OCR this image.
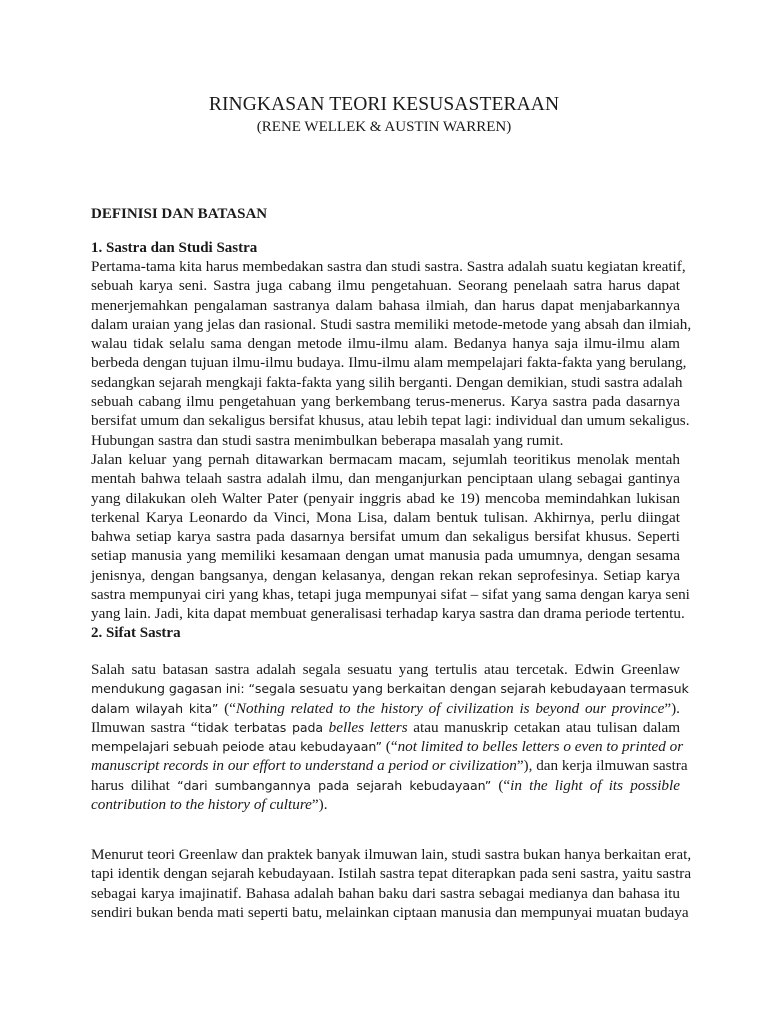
RINGKASAN TEORI KESUSASTERAAN
(RENE WELLEK & AUSTIN WARREN)
DEFINISI DAN BATASAN
1. Sastra dan Studi Sastra
Pertama-tama kita harus membedakan sastra dan studi sastra. Sastra adalah suatu kegiatan kreatif,
sebuah karya seni. Sastra juga cabang ilmu pengetahuan. Seorang penelaah satra harus dapat
menerjemahkan pengalaman sastranya dalam bahasa ilmiah, dan harus dapat menjabarkannya
dalam uraian yang jelas dan rasional. Studi sastra memiliki metode-metode yang absah dan ilmiah,
walau tidak selalu sama dengan metode ilmu-ilmu alam. Bedanya hanya saja ilmu-ilmu alam
berbeda dengan tujuan ilmu-ilmu budaya. Ilmu-ilmu alam mempelajari fakta-fakta yang berulang,
sedangkan sejarah mengkaji fakta-fakta yang silih berganti. Dengan demikian, studi sastra adalah
sebuah cabang ilmu pengetahuan yang berkembang terus-menerus. Karya sastra pada dasarnya
bersifat umum dan sekaligus bersifat khusus, atau lebih tepat lagi: individual dan umum sekaligus.
Hubungan sastra dan studi sastra menimbulkan beberapa masalah yang rumit.
Jalan keluar yang pernah ditawarkan bermacam macam, sejumlah teoritikus menolak mentah
mentah bahwa telaah sastra adalah ilmu, dan menganjurkan penciptaan ulang sebagai gantinya
yang dilakukan oleh Walter Pater (penyair inggris abad ke 19) mencoba memindahkan lukisan
terkenal Karya Leonardo da Vinci, Mona Lisa, dalam bentuk tulisan. Akhirnya, perlu diingat
bahwa setiap karya sastra pada dasarnya bersifat umum dan sekaligus bersifat khusus. Seperti
setiap manusia yang memiliki kesamaan dengan umat manusia pada umumnya, dengan sesama
jenisnya, dengan bangsanya, dengan kelasanya, dengan rekan rekan seprofesinya. Setiap karya
sastra mempunyai ciri yang khas, tetapi juga mempunyai sifat – sifat yang sama dengan karya seni
yang lain. Jadi, kita dapat membuat generalisasi terhadap karya sastra dan drama periode tertentu.
2. Sifat Sastra
Salah satu batasan sastra adalah segala sesuatu yang tertulis atau tercetak. Edwin Greenlaw
mendukung gagasan ini: “segala sesuatu yang berkaitan dengan sejarah kebudayaan termasuk
dalam wilayah kita” (“Nothing related to the history of civilization is beyond our province”).
Ilmuwan sastra “tidak terbatas pada belles letters atau manuskrip cetakan atau tulisan dalam
mempelajari sebuah peiode atau kebudayaan” (“not limited to belles letters o even to printed or
manuscript records in our effort to understand a period or civilization”), dan kerja ilmuwan sastra
harus dilihat “dari sumbangannya pada sejarah kebudayaan” (“in the light of its possible
contribution to the history of culture”).
Menurut teori Greenlaw dan praktek banyak ilmuwan lain, studi sastra bukan hanya berkaitan erat,
tapi identik dengan sejarah kebudayaan. Istilah sastra tepat diterapkan pada seni sastra, yaitu sastra
sebagai karya imajinatif. Bahasa adalah bahan baku dari sastra sebagai medianya dan bahasa itu
sendiri bukan benda mati seperti batu, melainkan ciptaan manusia dan mempunyai muatan budaya
